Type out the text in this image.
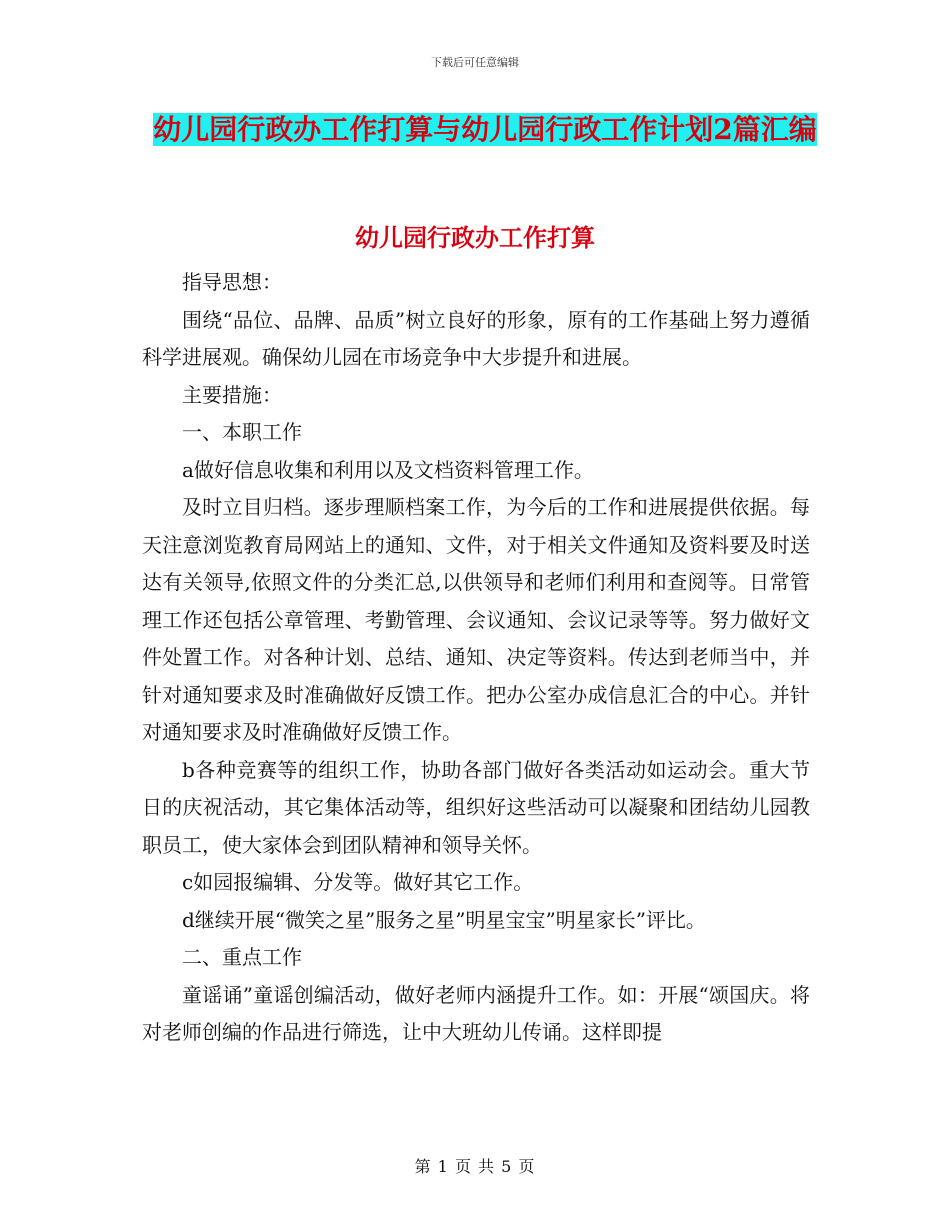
下载后可任意编辑
幼儿园行政办工作打算与幼儿园行政工作计划2篇汇编
幼儿园行政办工作打算

指导思想：

围绕“品位、品牌、品质”树立良好的形象，原有的工作基础上努力遵循科学进展观。确保幼儿园在市场竞争中大步提升和进展。

主要措施：

一、本职工作

a做好信息收集和利用以及文档资料管理工作。

及时立目归档。逐步理顺档案工作，为今后的工作和进展提供依据。每天注意浏览教育局网站上的通知、文件，对于相关文件通知及资料要及时送达有关领导,依照文件的分类汇总,以供领导和老师们利用和查阅等。日常管理工作还包括公章管理、考勤管理、会议通知、会议记录等等。努力做好文件处置工作。对各种计划、总结、通知、决定等资料。传达到老师当中，并针对通知要求及时准确做好反馈工作。把办公室办成信息汇合的中心。并针对通知要求及时准确做好反馈工作。

b各种竞赛等的组织工作，协助各部门做好各类活动如运动会。重大节日的庆祝活动，其它集体活动等，组织好这些活动可以凝聚和团结幼儿园教职员工，使大家体会到团队精神和领导关怀。

c如园报编辑、分发等。做好其它工作。

d继续开展“微笑之星”服务之星”明星宝宝”明星家长”评比。

二、重点工作

童谣诵”童谣创编活动，做好老师内涵提升工作。如：开展“颂国庆。将对老师创编的作品进行筛选，让中大班幼儿传诵。这样即提

第 1 页 共 5 页
